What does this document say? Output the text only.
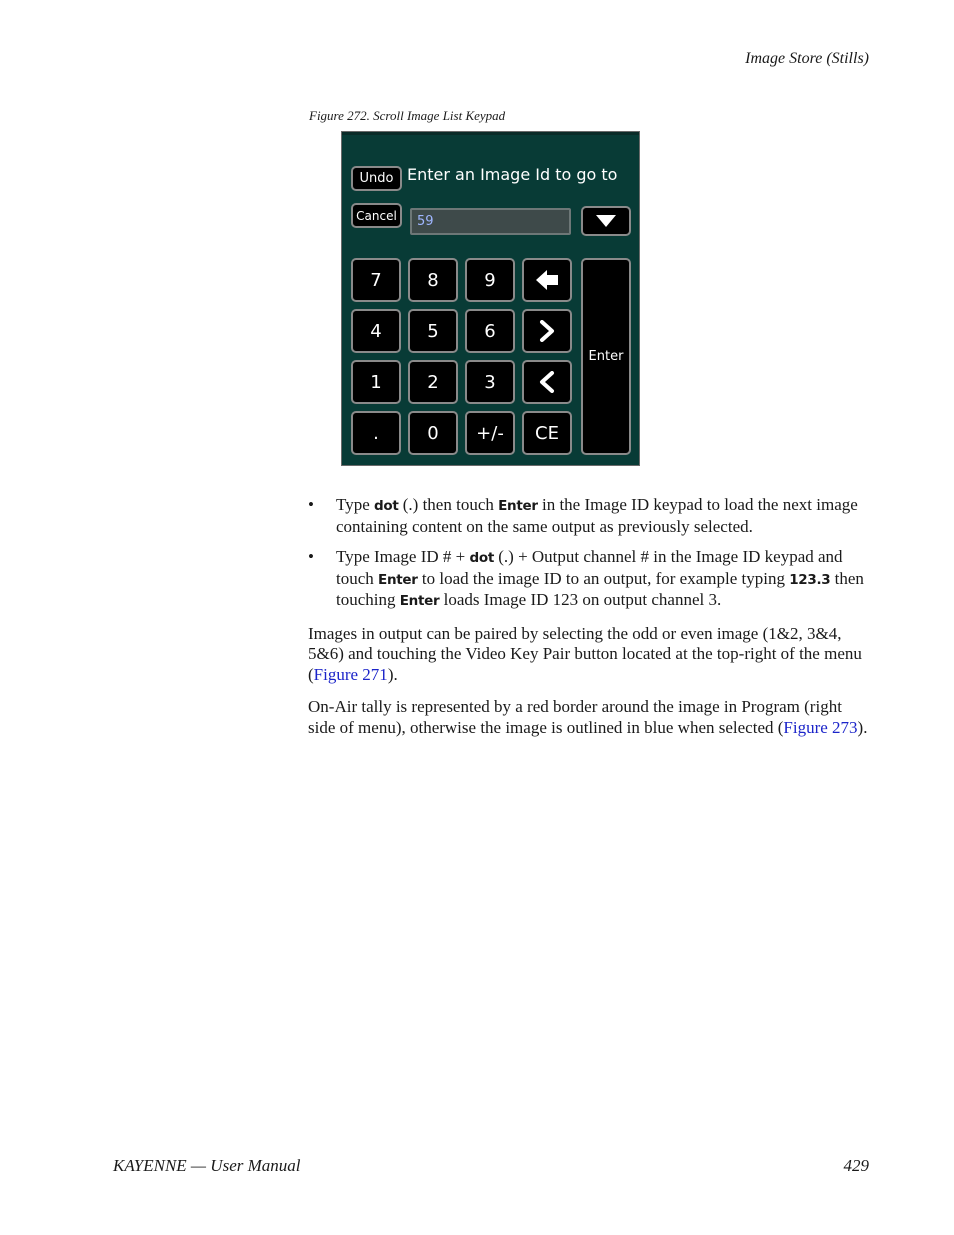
Image Store (Stills)
Figure 272. Scroll Image List Keypad
Undo Enter an Image Id to go to
Cancel	59
7	8	9
4	5	6
1	2	3
.	0	+/-	CE
Enter
• Type dot (.) then touch Enter in the Image ID keypad to load the next image containing content on the same output as previously selected.
• Type Image ID # + dot (.) + Output channel # in the Image ID keypad and touch Enter to load the image ID to an output, for example typing 123.3 then touching Enter loads Image ID 123 on output channel 3.

Images in output can be paired by selecting the odd or even image (1&2, 3&4, 5&6) and touching the Video Key Pair button located at the top-right of the menu (Figure 271).

On-Air tally is represented by a red border around the image in Program (right side of menu), otherwise the image is outlined in blue when selected (Figure 273).

KAYENNE — User Manual	429
